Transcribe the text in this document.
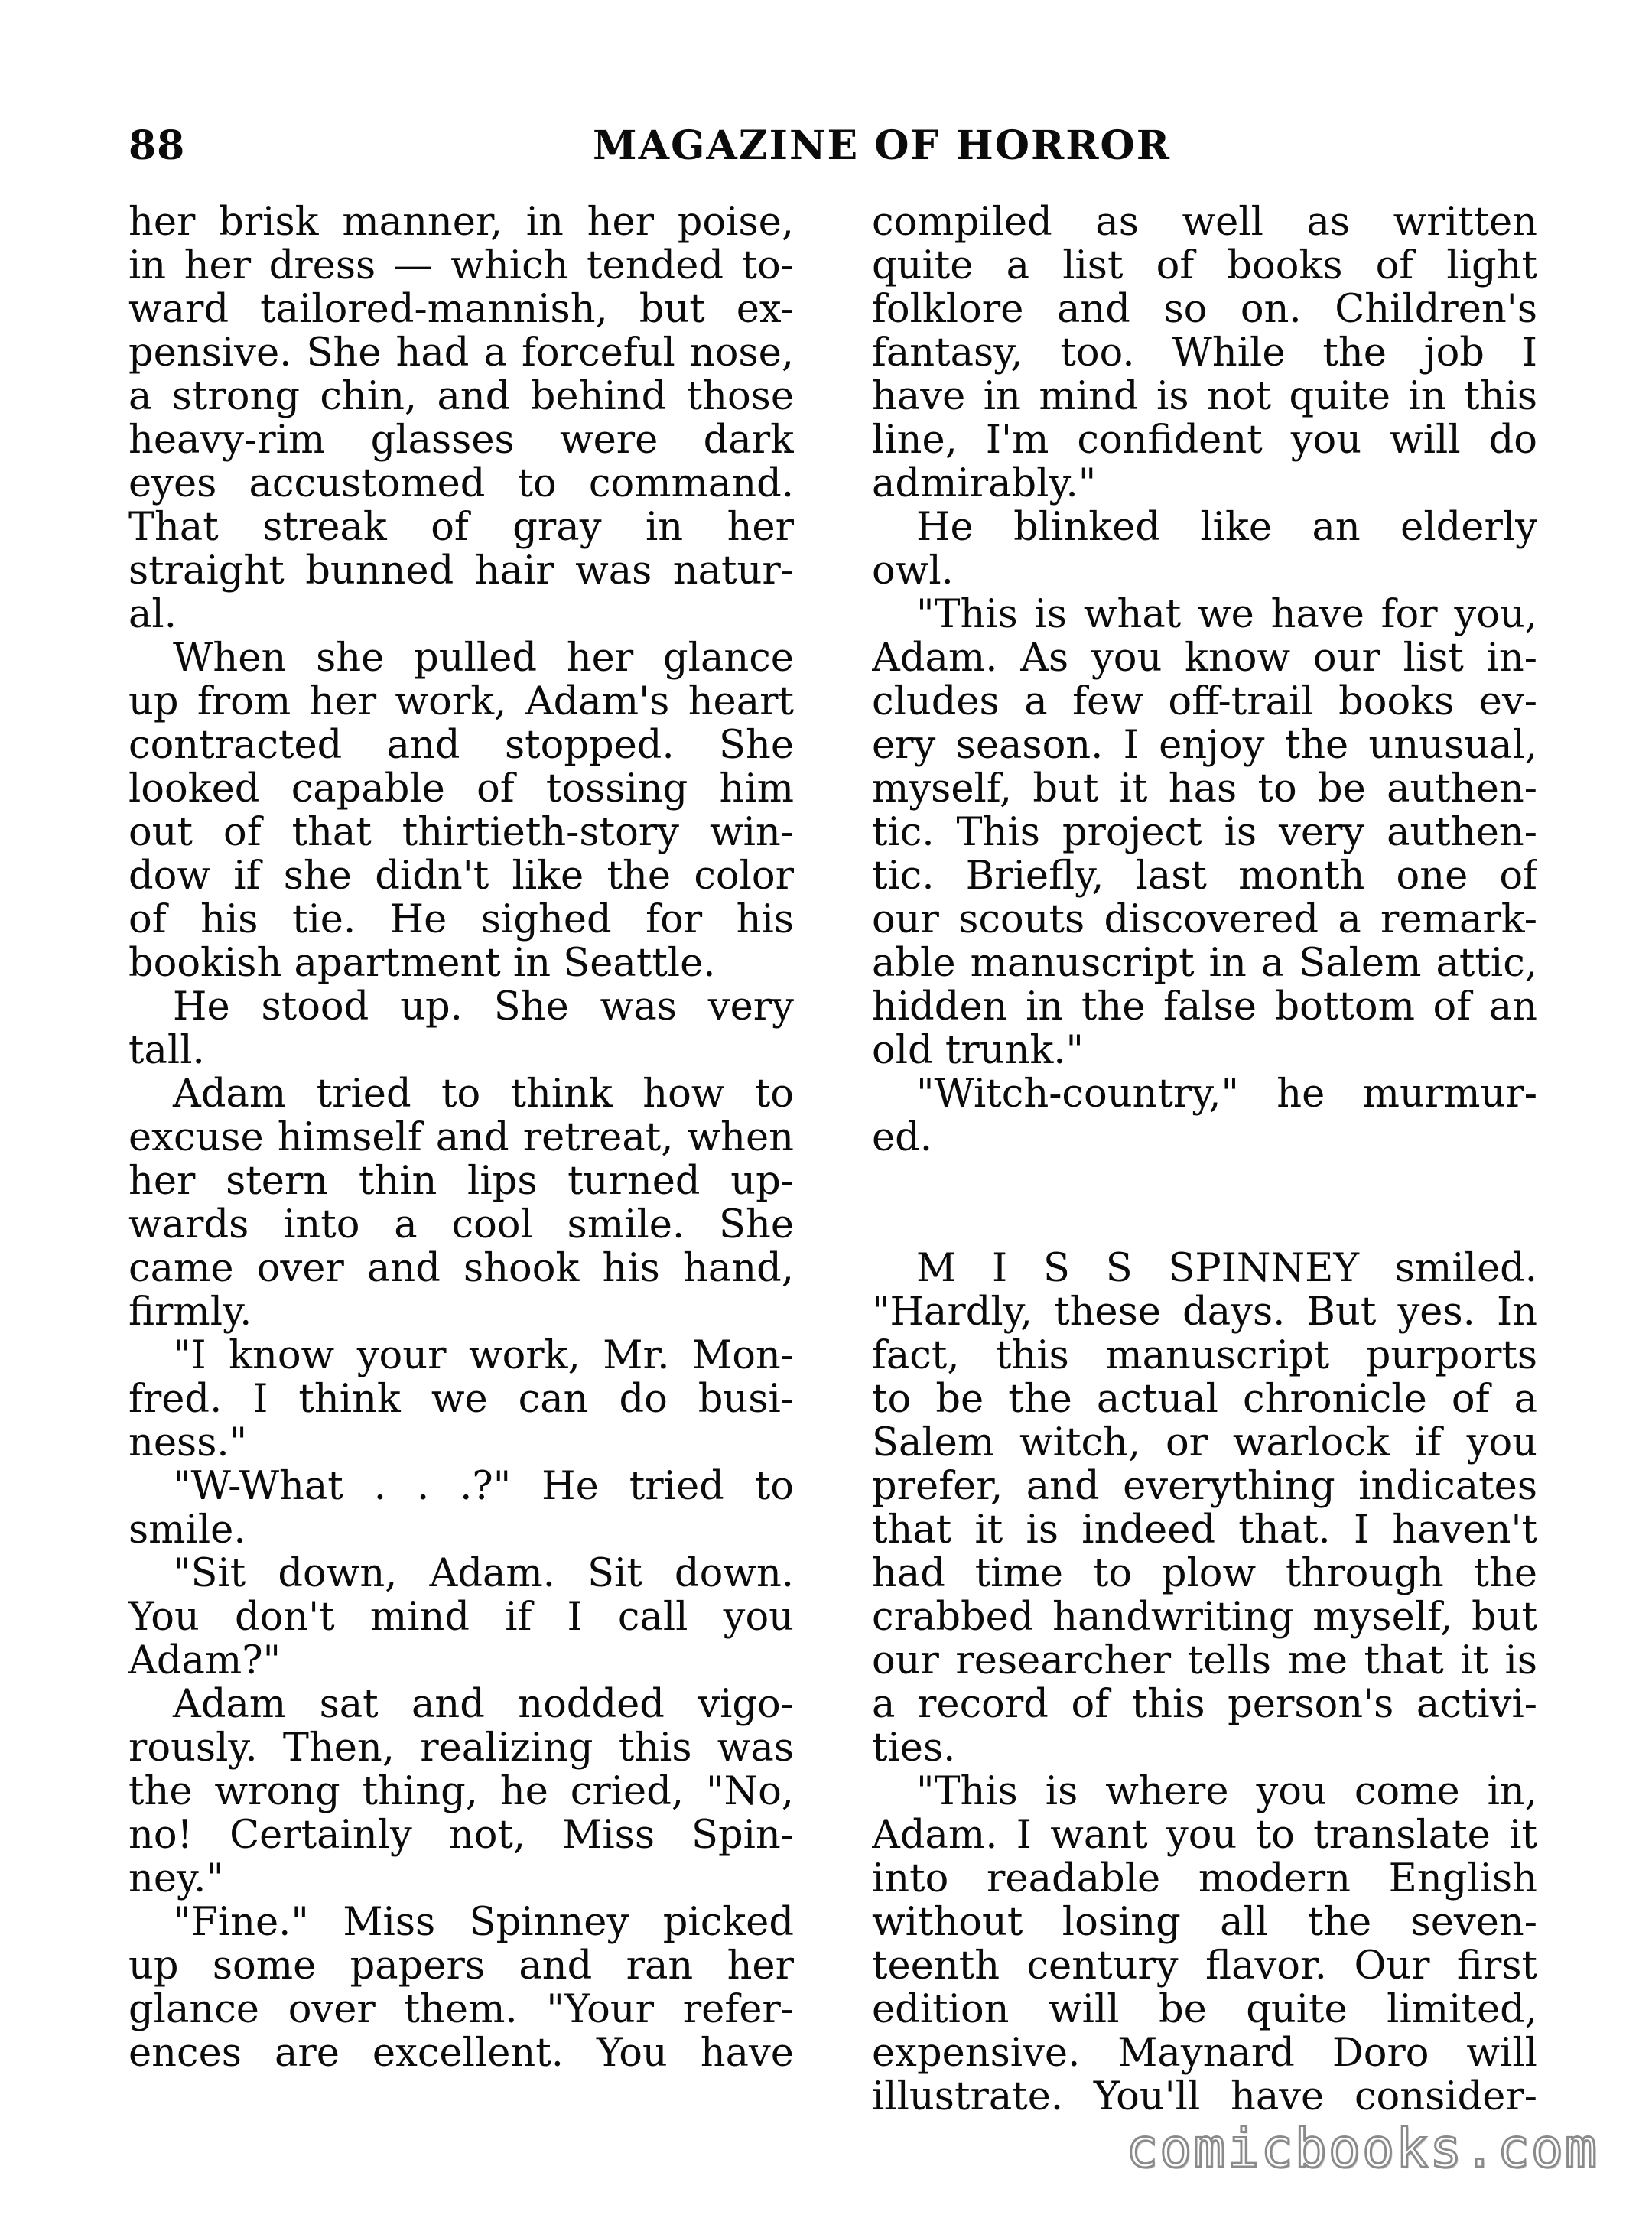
88	MAGAZINE OF HORROR
her brisk manner, in her poise,
in her dress — which tended to-
ward tailored-mannish, but ex-
pensive. She had a forceful nose,
a strong chin, and behind those
heavy-rim glasses were dark
eyes accustomed to command.
That streak of gray in her
straight bunned hair was natur-
al.
When she pulled her glance
up from her work, Adam's heart
contracted and stopped. She
looked capable of tossing him
out of that thirtieth-story win-
dow if she didn't like the color
of his tie. He sighed for his
bookish apartment in Seattle.
He stood up. She was very
tall.
Adam tried to think how to
excuse himself and retreat, when
her stern thin lips turned up-
wards into a cool smile. She
came over and shook his hand,
firmly.
"I know your work, Mr. Mon-
fred. I think we can do busi-
ness."
"W-What . . .?" He tried to
smile.
"Sit down, Adam. Sit down.
You don't mind if I call you
Adam?"
Adam sat and nodded vigo-
rously. Then, realizing this was
the wrong thing, he cried, "No,
no! Certainly not, Miss Spin-
ney."
"Fine." Miss Spinney picked
up some papers and ran her
glance over them. "Your refer-
ences are excellent. You have
compiled as well as written
quite a list of books of light
folklore and so on. Children's
fantasy, too. While the job I
have in mind is not quite in this
line, I'm confident you will do
admirably."
He blinked like an elderly
owl.
"This is what we have for you,
Adam. As you know our list in-
cludes a few off-trail books ev-
ery season. I enjoy the unusual,
myself, but it has to be authen-
tic. This project is very authen-
tic. Briefly, last month one of
our scouts discovered a remark-
able manuscript in a Salem attic,
hidden in the false bottom of an
old trunk."
"Witch-country," he murmur-
ed.
M I S S SPINNEY smiled.
"Hardly, these days. But yes. In
fact, this manuscript purports
to be the actual chronicle of a
Salem witch, or warlock if you
prefer, and everything indicates
that it is indeed that. I haven't
had time to plow through the
crabbed handwriting myself, but
our researcher tells me that it is
a record of this person's activi-
ties.
"This is where you come in,
Adam. I want you to translate it
into readable modern English
without losing all the seven-
teenth century flavor. Our first
edition will be quite limited,
expensive. Maynard Doro will
illustrate. You'll have consider-
comicbooks.com
